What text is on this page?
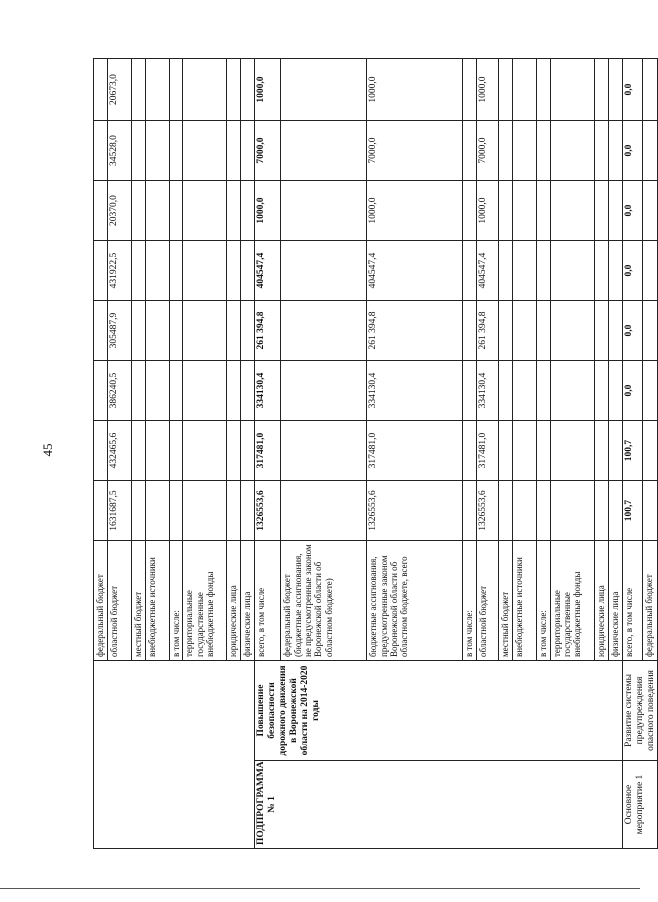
45
		федеральный бюджет								
		областной бюджет	1631687,5	432465,6	386240,5	305487,9	431922,5	20370,0	34528,0	20673,0
		местный бюджет								
		внебюджетные источники								
		в том числе:								
		территориальные государственные внебюджетные фонды								
		юридические лица								
		физические лица								
ПОДПРОГРАММА № 1	Повышение безопасности дорожного движения в Воронежской области на 2014-2020 годы	всего, в том числе	1326553,6	317481,0	334130,4	261 394,8	404547,4	1000,0	7000,0	1000,0
		федеральный бюджет (бюджетные ассигнования, не предусмотренные законом Воронежской области об областном бюджете)								
		бюджетные ассигнования, предусмотренные законом Воронежской области об областном бюджете, всего	1326553,6	317481,0	334130,4	261 394,8	404547,4	1000,0	7000,0	1000,0
		в том числе:								
		областной бюджет	1326553,6	317481,0	334130,4	261 394,8	404547,4	1000,0	7000,0	1000,0
		местный бюджет								
		внебюджетные источники								
		в том числе:								
		территориальные государственные внебюджетные фонды								
		юридические лица								
		физические лица								
Основное мероприятие 1	Развитие системы предупреждения опасного поведения	всего, в том числе	100,7	100,7	0,0	0,0	0,0	0,0	0,0	0,0
		федеральный бюджет								
